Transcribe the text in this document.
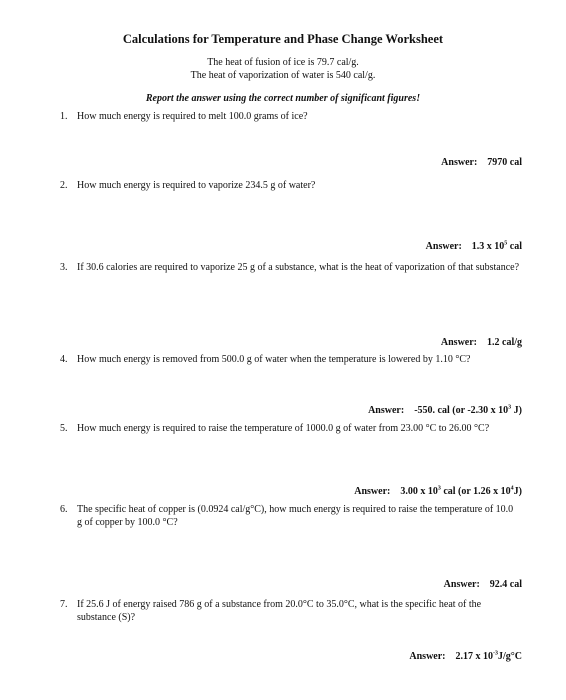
Calculations for Temperature and Phase Change Worksheet
The heat of fusion of ice is 79.7 cal/g.
The heat of vaporization of water is 540 cal/g.
Report the answer using the correct number of significant figures!
1. How much energy is required to melt 100.0 grams of ice?
Answer: 7970 cal
2. How much energy is required to vaporize 234.5 g of water?
Answer: 1.3 x $10^5$ cal
3. If 30.6 calories are required to vaporize 25 g of a substance, what is the heat of vaporization of that substance?
Answer: 1.2 cal/g
4. How much energy is removed from 500.0 g of water when the temperature is lowered by 1.10 °C?
Answer: -550. cal (or -2.30 x $10^3$ J)
5. How much energy is required to raise the temperature of 1000.0 g of water from 23.00 °C to 26.00 °C?
Answer: 3.00 x $10^3$ cal (or 1.26 x $10^4J$)
6. The specific heat of copper is (0.0924 cal/g°C), how much energy is required to raise the temperature of 10.0 g of copper by 100.0 °C?
Answer: 92.4 cal
7. If 25.6 J of energy raised 786 g of a substance from 20.0°C to 35.0°C, what is the specific heat of the substance (S)?
Answer: 2.17 x $10^{-3}J/g^\circ C$
